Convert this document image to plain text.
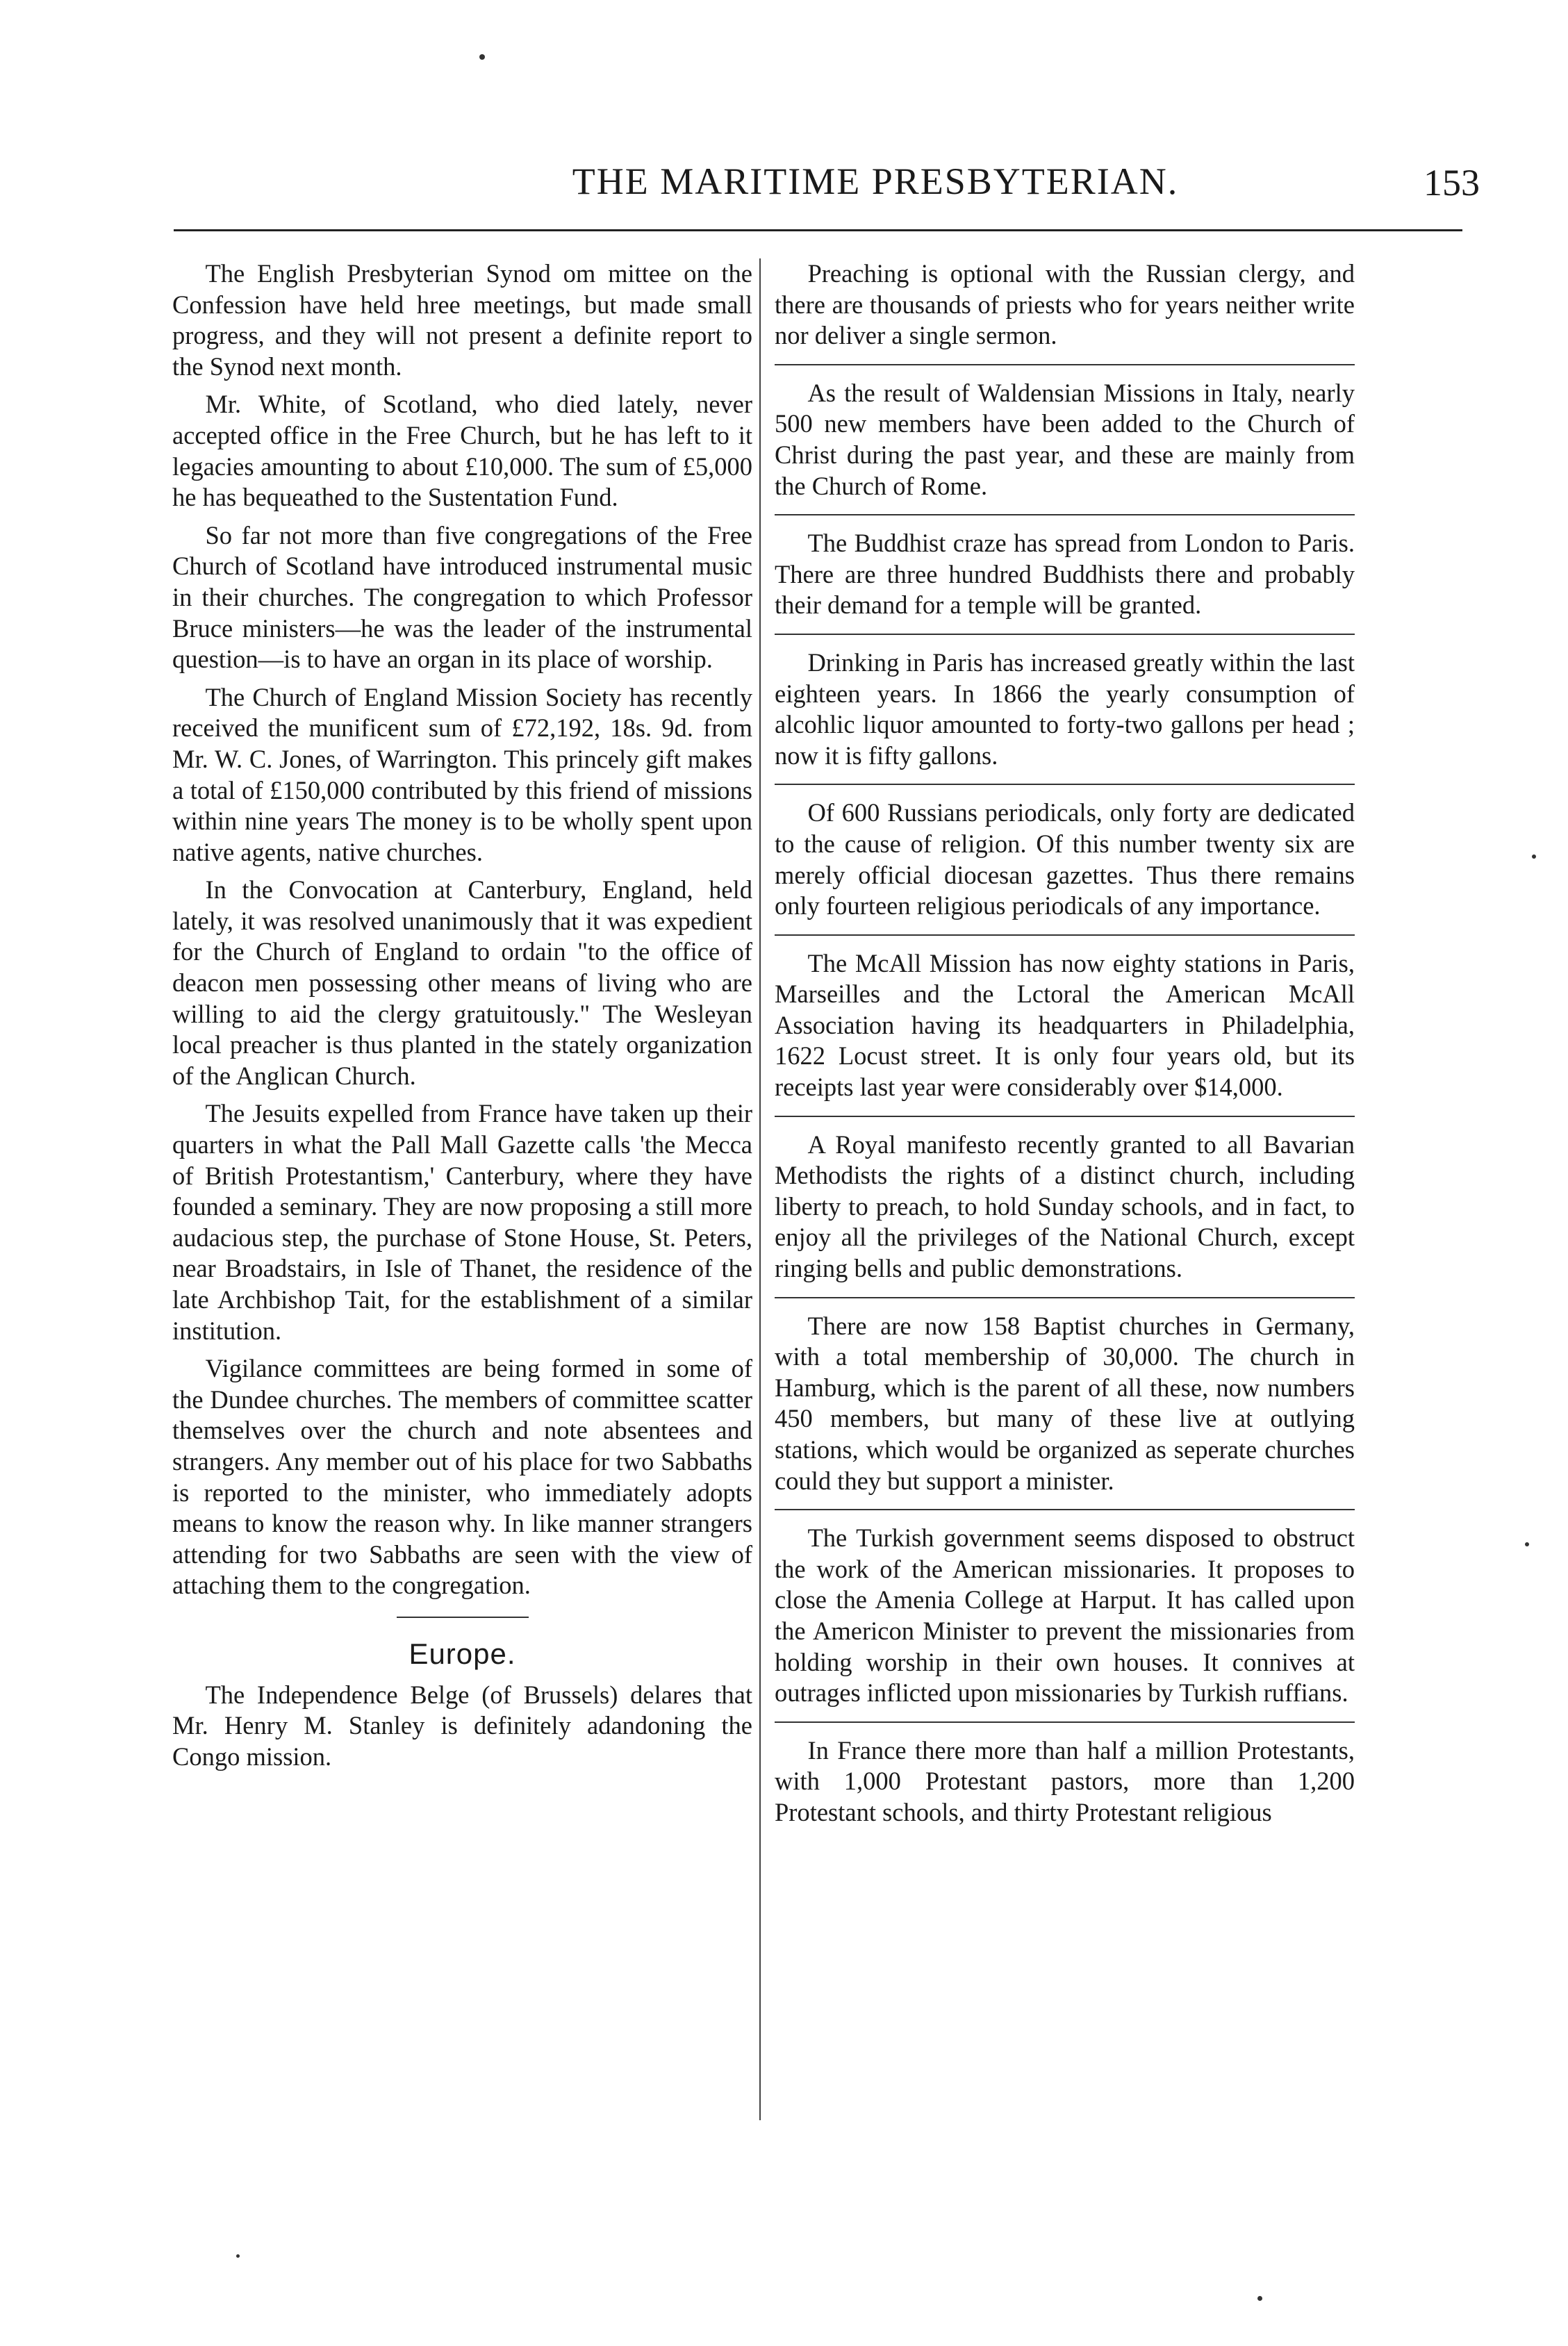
THE MARITIME PRESBYTERIAN.	153

The English Presbyterian Synod om mittee on the Confession have held hree meetings, but made small progress, and they will not present a definite report to the Synod next month.

Mr. White, of Scotland, who died lately, never accepted office in the Free Church, but he has left to it legacies amounting to about £10,000. The sum of £5,000 he has bequeathed to the Sustentation Fund.

So far not more than five congregations of the Free Church of Scotland have introduced instrumental music in their churches. The congregation to which Professor Bruce ministers—he was the leader of the instrumental question—is to have an organ in its place of worship.

The Church of England Mission Society has recently received the munificent sum of £72,192, 18s. 9d. from Mr. W. C. Jones, of Warrington. This princely gift makes a total of £150,000 contributed by this friend of missions within nine years The money is to be wholly spent upon native agents, native churches.

In the Convocation at Canterbury, England, held lately, it was resolved unanimously that it was expedient for the Church of England to ordain "to the office of deacon men possessing other means of living who are willing to aid the clergy gratuitously." The Wesleyan local preacher is thus planted in the stately organization of the Anglican Church.

The Jesuits expelled from France have taken up their quarters in what the Pall Mall Gazette calls 'the Mecca of British Protestantism,' Canterbury, where they have founded a seminary. They are now proposing a still more audacious step, the purchase of Stone House, St. Peters, near Broadstairs, in Isle of Thanet, the residence of the late Archbishop Tait, for the establishment of a similar institution.

Vigilance committees are being formed in some of the Dundee churches. The members of committee scatter themselves over the church and note absentees and strangers. Any member out of his place for two Sabbaths is reported to the minister, who immediately adopts means to know the reason why. In like manner strangers attending for two Sabbaths are seen with the view of attaching them to the congregation.

Europe.

The Independence Belge (of Brussels) delares that Mr. Henry M. Stanley is definitely adandoning the Congo mission.

Preaching is optional with the Russian clergy, and there are thousands of priests who for years neither write nor deliver a single sermon.

As the result of Waldensian Missions in Italy, nearly 500 new members have been added to the Church of Christ during the past year, and these are mainly from the Church of Rome.

The Buddhist craze has spread from London to Paris. There are three hundred Buddhists there and probably their demand for a temple will be granted.

Drinking in Paris has increased greatly within the last eighteen years. In 1866 the yearly consumption of alcohlic liquor amounted to forty-two gallons per head ; now it is fifty gallons.

Of 600 Russians periodicals, only forty are dedicated to the cause of religion. Of this number twenty six are merely official diocesan gazettes. Thus there remains only fourteen religious periodicals of any importance.

The McAll Mission has now eighty stations in Paris, Marseilles and the Lctoral the American McAll Association having its headquarters in Philadelphia, 1622 Locust street. It is only four years old, but its receipts last year were considerably over $14,000.

A Royal manifesto recently granted to all Bavarian Methodists the rights of a distinct church, including liberty to preach, to hold Sunday schools, and in fact, to enjoy all the privileges of the National Church, except ringing bells and public demonstrations.

There are now 158 Baptist churches in Germany, with a total membership of 30,000. The church in Hamburg, which is the parent of all these, now numbers 450 members, but many of these live at outlying stations, which would be organized as seperate churches could they but support a minister.

The Turkish government seems disposed to obstruct the work of the American missionaries. It proposes to close the Amenia College at Harput. It has called upon the Americon Minister to prevent the missionaries from holding worship in their own houses. It connives at outrages inflicted upon missionaries by Turkish ruffians.

In France there more than half a million Protestants, with 1,000 Protestant pastors, more than 1,200 Protestant schools, and thirty Protestant religious
